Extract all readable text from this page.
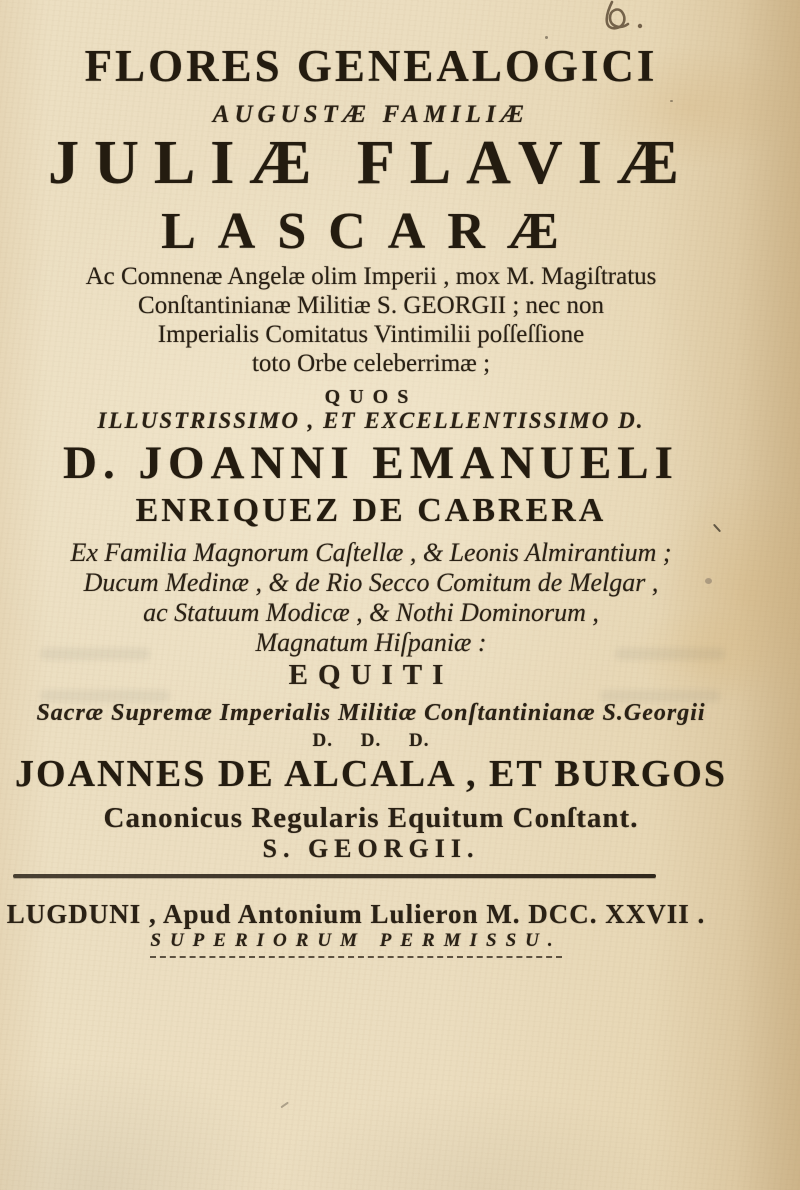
FLORES GENEALOGICI
AUGUSTÆ FAMILIÆ
JULIÆ FLAVIÆ
LASCARÆ
Ac Comnenæ Angelæ olim Imperii , mox M. Magiſtratus
Conſtantinianæ Militiæ S. GEORGII ; nec non
Imperialis Comitatus Vintimilii poſſeſſione
toto Orbe celeberrimæ ;
QUOS
ILLUSTRISSIMO , ET EXCELLENTISSIMO D.
D. JOANNI EMANUELI
ENRIQUEZ DE CABRERA
Ex Familia Magnorum Caſtellæ , & Leonis Almirantium ;
Ducum Medinæ , & de Rio Secco Comitum de Melgar ,
ac Statuum Modicæ , & Nothi Dominorum ,
Magnatum Hiſpaniæ :
EQUITI
Sacræ Supremæ Imperialis Militiæ Conſtantinianæ S.Georgii
D. D. D.
JOANNES DE ALCALA , ET BURGOS
Canonicus Regularis Equitum Conſtant.
S. GEORGII.
LUGDUNI , Apud Antonium Lulieron M. DCC. XXVII .
SUPERIORUM PERMISSU.
